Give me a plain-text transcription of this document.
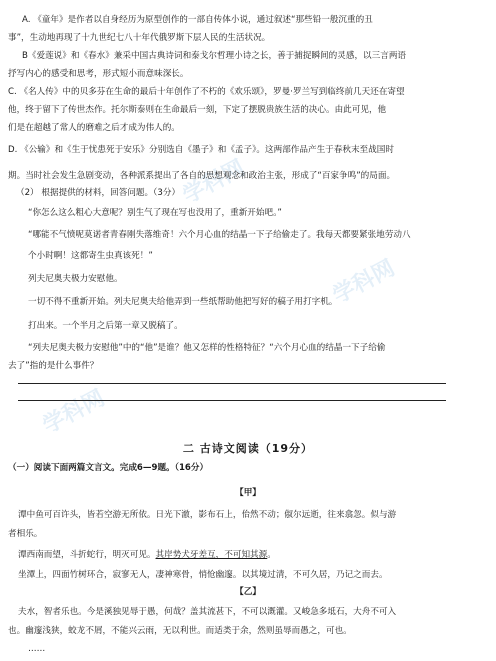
学科网
学科网
学科网
A. 《童年》是作者以自身经历为原型创作的一部自传体小说，通过叙述“那些铅一般沉重的丑
事”，生动地再现了十九世纪七八十年代俄罗斯下层人民的生活状况。
B《爱莲说》和《春水》兼采中国古典诗词和泰戈尔哲理小诗之长，善于捕捉瞬间的灵感，以三言两语
抒写内心的感受和思考，形式短小而意味深长。
C. 《名人传》中的贝多芬在生命的最后十年创作了不朽的《欢乐颂》，罗曼·罗兰写到临终前几天还在寄望
他，终于留下了传世杰作。托尔斯泰则在生命最后一刻，下定了摆脱贵族生活的决心。由此可见，他
们是在超越了常人的磨难之后才成为伟人的。
D. 《公输》和《生于忧患死于安乐》分别选自《墨子》和《孟子》。这两部作品产生于春秋末至战国时
期。当时社会发生急剧变动，各种派系提出了各自的思想观念和政治主张，形成了“百家争鸣”的局面。
（2） 根据提供的材料，回答问题。（3分）
“你怎么这么粗心大意呢？别生气了现在写也没用了，重新开始吧。”
“哪能不气愤呢莫诺者青春刚失落维奇！六个月心血的结晶一下子给偷走了。我每天都要紧张地劳动八
个小时啊！这都寄生虫真该死！”
列夫尼奥夫极力安慰他。
一切不得不重新开始。列夫尼奥夫给他弄到一些纸帮助他把写好的稿子用打字机。
打出来。一个半月之后第一章又脱稿了。
“列夫尼奥夫极力安慰他”中的“他”是谁？他又怎样的性格特征？“六个月心血的结晶一下子给偷
去了”指的是什么事件？
二 古诗文阅读（19分）
（一）阅读下面两篇文言文。完成6—9题。（16分）
【甲】
潭中鱼可百许头，皆若空游无所依。日光下澈，影布石上，佁然不动；俶尔远逝，往来翕忽。似与游
者相乐。
潭西南而望，斗折蛇行，明灭可见。其岸势犬牙差互，不可知其源。
坐潭上，四面竹树环合，寂寥无人，凄神寒骨，悄怆幽邃。以其境过清，不可久居，乃记之而去。
【乙】
夫水，智者乐也。今是溪独见辱于愚，何哉？盖其流甚下，不可以溉灌。又峻急多坻石，大舟不可入
也。幽邃浅狭，蛟龙不屑，不能兴云雨，无以利世。而适类于余，然则虽辱而愚之，可也。
……
